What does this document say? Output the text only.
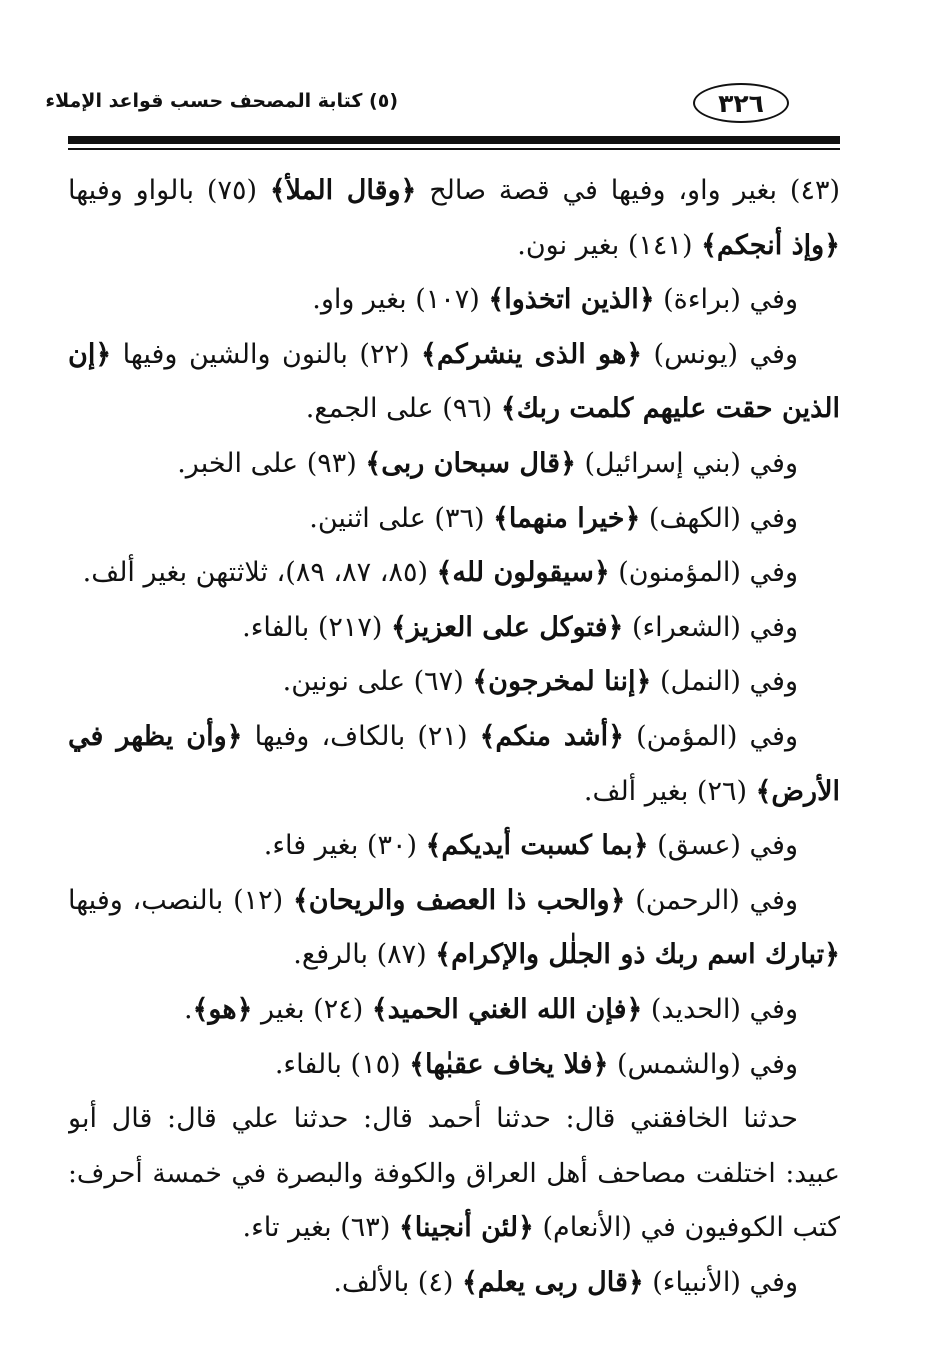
٣٢٦
(٥) كتابة المصحف حسب قواعد الإملاء
(٤٣) بغير واو، وفيها في قصة صالح ﴿وقال الملأ﴾ (٧٥) بالواو وفيها
﴿وإذ أنجكم﴾ (١٤١) بغير نون.
وفي (براءة) ﴿الذين اتخذوا﴾ (١٠٧) بغير واو.
وفي (يونس) ﴿هو الذى ينشركم﴾ (٢٢) بالنون والشين وفيها ﴿إن
الذين حقت عليهم كلمت ربك﴾ (٩٦) على الجمع.
وفي (بني إسرائيل) ﴿قال سبحان ربى﴾ (٩٣) على الخبر.
وفي (الكهف) ﴿خيرا منهما﴾ (٣٦) على اثنين.
وفي (المؤمنون) ﴿سيقولون لله﴾ (٨٥، ٨٧، ٨٩)، ثلاثتهن بغير ألف.
وفي (الشعراء) ﴿فتوكل على العزيز﴾ (٢١٧) بالفاء.
وفي (النمل) ﴿إننا لمخرجون﴾ (٦٧) على نونين.
وفي (المؤمن) ﴿أشد منكم﴾ (٢١) بالكاف، وفيها ﴿وأن يظهر في
الأرض﴾ (٢٦) بغير ألف.
وفي (عسق) ﴿بما كسبت أيديكم﴾ (٣٠) بغير فاء.
وفي (الرحمن) ﴿والحب ذا العصف والريحان﴾ (١٢) بالنصب، وفيها
﴿تبارك اسم ربك ذو الجلٰل والإكرام﴾ (٨٧) بالرفع.
وفي (الحديد) ﴿فإن الله الغني الحميد﴾ (٢٤) بغير ﴿هو﴾.
وفي (والشمس) ﴿فلا يخاف عقبٰها﴾ (١٥) بالفاء.
حدثنا الخافقني قال: حدثنا أحمد قال: حدثنا علي قال: قال أبو
عبيد: اختلفت مصاحف أهل العراق والكوفة والبصرة في خمسة أحرف:
كتب الكوفيون في (الأنعام) ﴿لئن أنجينا﴾ (٦٣) بغير تاء.
وفي (الأنبياء) ﴿قال ربى يعلم﴾ (٤) بالألف.
